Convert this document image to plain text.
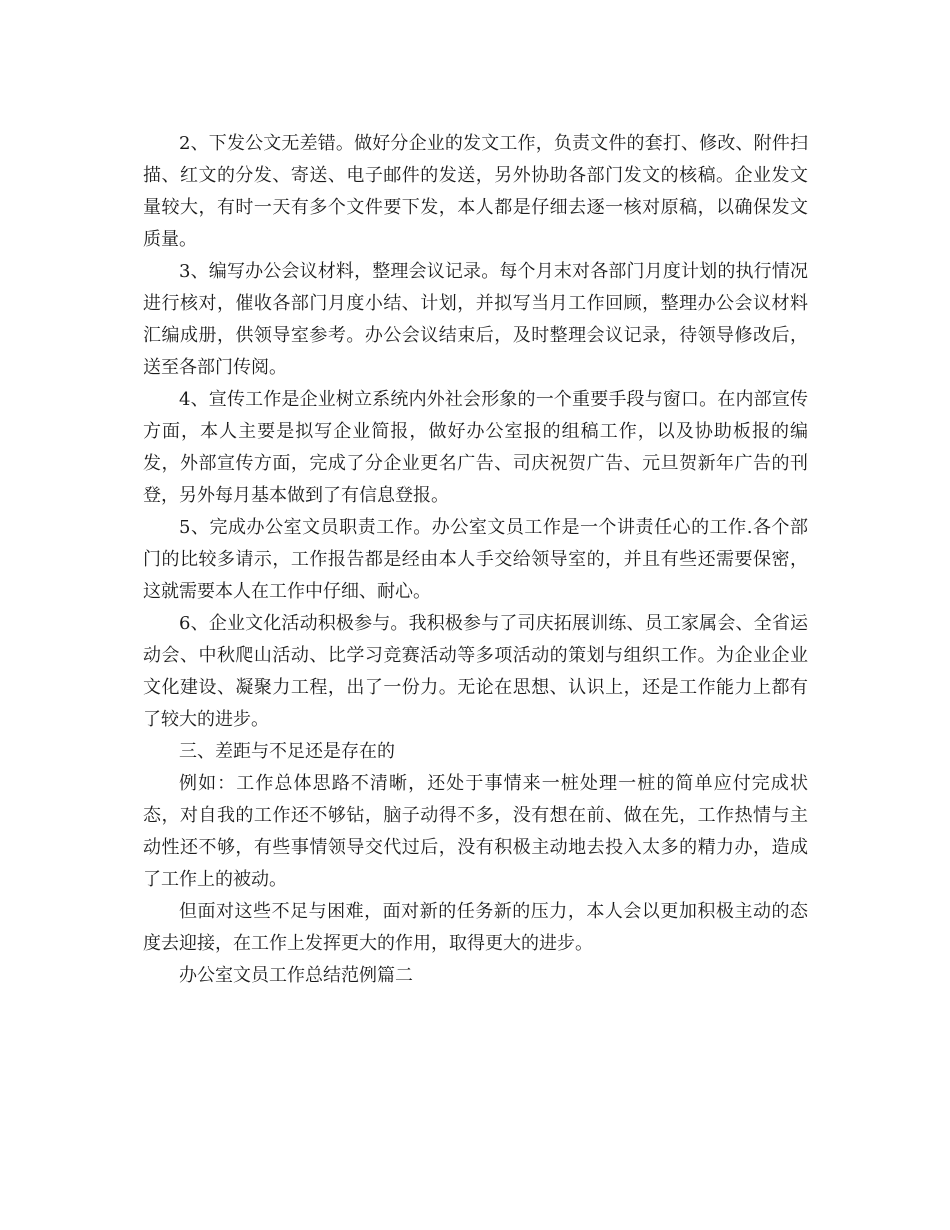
2、下发公文无差错。做好分企业的发文工作，负责文件的套打、修改、附件扫描、红文的分发、寄送、电子邮件的发送，另外协助各部门发文的核稿。企业发文量较大，有时一天有多个文件要下发，本人都是仔细去逐一核对原稿，以确保发文质量。

3、编写办公会议材料，整理会议记录。每个月末对各部门月度计划的执行情况进行核对，催收各部门月度小结、计划，并拟写当月工作回顾，整理办公会议材料汇编成册，供领导室参考。办公会议结束后，及时整理会议记录，待领导修改后，送至各部门传阅。

4、宣传工作是企业树立系统内外社会形象的一个重要手段与窗口。在内部宣传方面，本人主要是拟写企业简报，做好办公室报的组稿工作，以及协助板报的编发，外部宣传方面，完成了分企业更名广告、司庆祝贺广告、元旦贺新年广告的刊登，另外每月基本做到了有信息登报。

5、完成办公室文员职责工作。办公室文员工作是一个讲责任心的工作.各个部门的比较多请示，工作报告都是经由本人手交给领导室的，并且有些还需要保密，这就需要本人在工作中仔细、耐心。

6、企业文化活动积极参与。我积极参与了司庆拓展训练、员工家属会、全省运动会、中秋爬山活动、比学习竞赛活动等多项活动的策划与组织工作。为企业企业文化建设、凝聚力工程，出了一份力。无论在思想、认识上，还是工作能力上都有了较大的进步。

三、差距与不足还是存在的

例如：工作总体思路不清晰，还处于事情来一桩处理一桩的简单应付完成状态，对自我的工作还不够钻，脑子动得不多，没有想在前、做在先，工作热情与主动性还不够，有些事情领导交代过后，没有积极主动地去投入太多的精力办，造成了工作上的被动。

但面对这些不足与困难，面对新的任务新的压力，本人会以更加积极主动的态度去迎接，在工作上发挥更大的作用，取得更大的进步。

办公室文员工作总结范例篇二
